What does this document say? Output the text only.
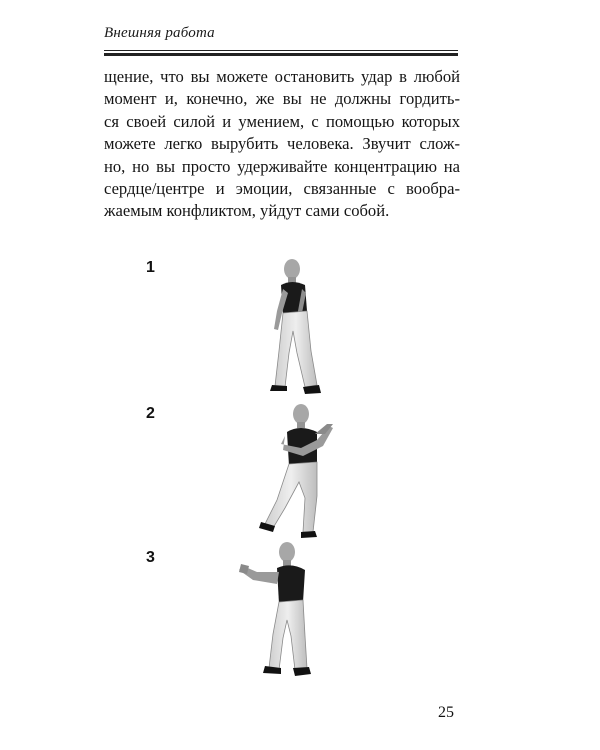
Внешняя работа
щение, что вы можете остановить удар в любой
момент и, конечно, же вы не должны гордить-
ся своей силой и умением, с помощью которых
можете легко вырубить человека. Звучит слож-
но, но вы просто удерживайте концентрацию на
сердце/центре и эмоции, связанные с вообра-
жаемым конфликтом, уйдут сами собой.
1
2
3
25
